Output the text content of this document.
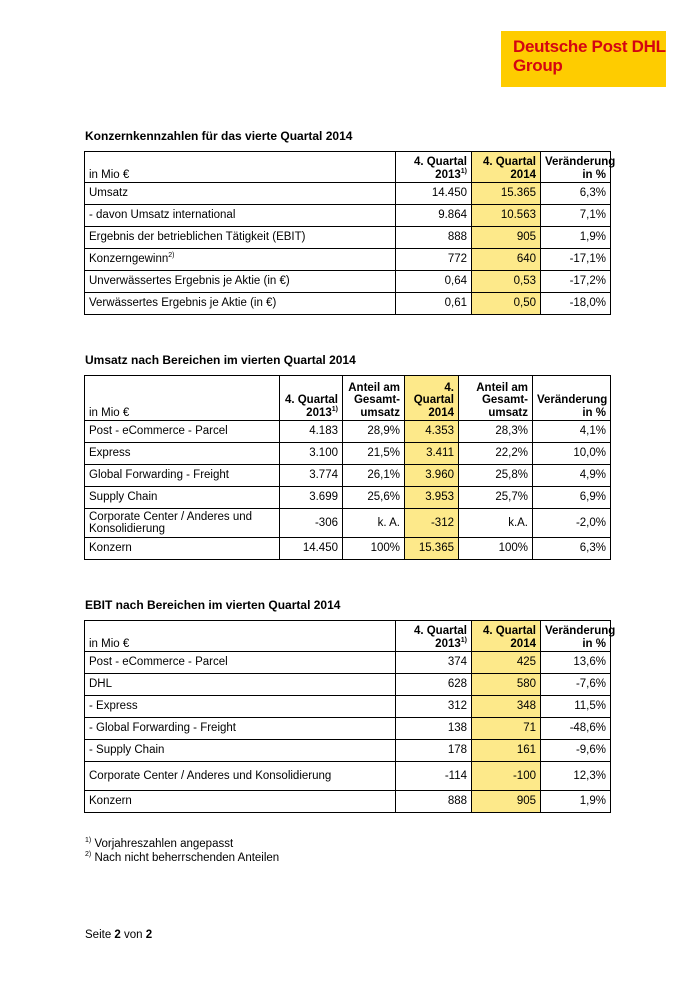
Deutsche Post DHL
Group
Konzernkennzahlen für das vierte Quartal 2014
in Mio €	4. Quartal 2013$^{1)}$	4. Quartal 2014	Veränderung in %
Umsatz	14.450	15.365	6,3%
- davon Umsatz international	9.864	10.563	7,1%
Ergebnis der betrieblichen Tätigkeit (EBIT)	888	905	1,9%
Konzerngewinn$^{2)}$	772	640	-17,1%
Unverwässertes Ergebnis je Aktie (in €)	0,64	0,53	-17,2%
Verwässertes Ergebnis je Aktie (in €)	0,61	0,50	-18,0%
Umsatz nach Bereichen im vierten Quartal 2014
in Mio €	4. Quartal 2013$^{1)}$	Anteil am Gesamt-umsatz	4. Quartal 2014	Anteil am Gesamt-umsatz	Veränderung in %
Post - eCommerce - Parcel	4.183	28,9%	4.353	28,3%	4,1%
Express	3.100	21,5%	3.411	22,2%	10,0%
Global Forwarding - Freight	3.774	26,1%	3.960	25,8%	4,9%
Supply Chain	3.699	25,6%	3.953	25,7%	6,9%
Corporate Center / Anderes und Konsolidierung	-306	k. A.	-312	k.A.	-2,0%
Konzern	14.450	100%	15.365	100%	6,3%
EBIT nach Bereichen im vierten Quartal 2014
in Mio €	4. Quartal 2013$^{1)}$	4. Quartal 2014	Veränderung in %
Post - eCommerce - Parcel	374	425	13,6%
DHL	628	580	-7,6%
- Express	312	348	11,5%
- Global Forwarding - Freight	138	71	-48,6%
- Supply Chain	178	161	-9,6%
Corporate Center / Anderes und Konsolidierung	-114	-100	12,3%
Konzern	888	905	1,9%
$^{1)}$ Vorjahreszahlen angepasst
$^{2)}$ Nach nicht beherrschenden Anteilen
Seite 2 von 2
